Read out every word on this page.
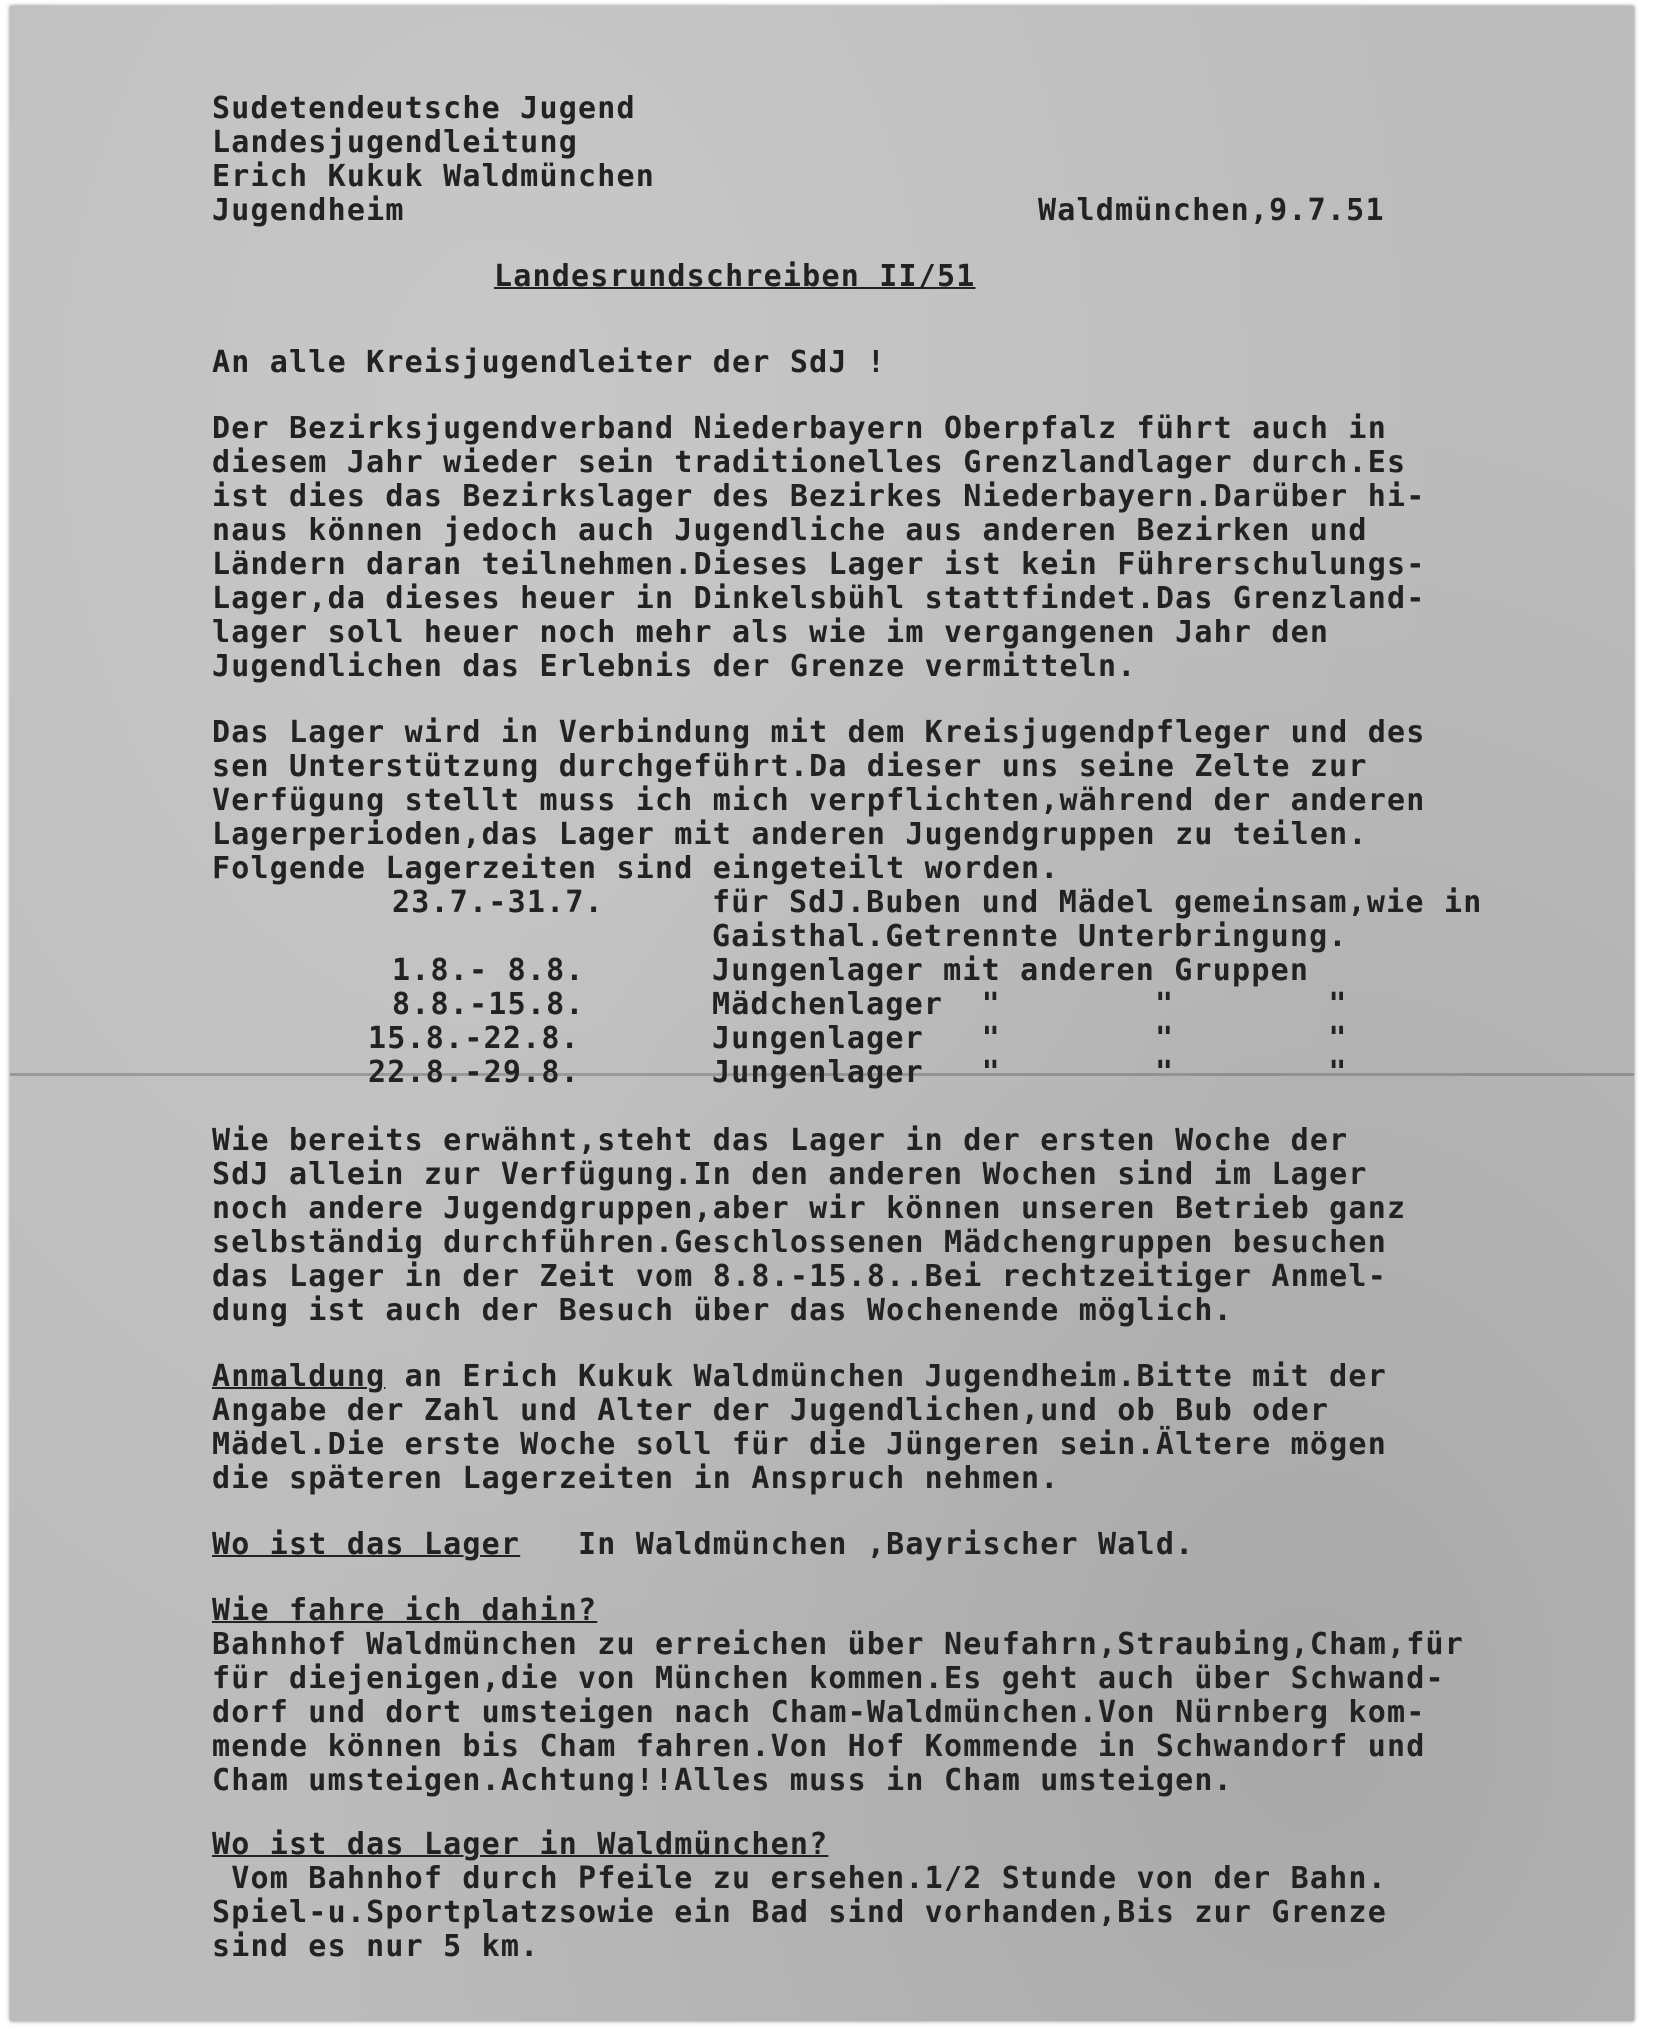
Sudetendeutsche Jugend
Landesjugendleitung
Erich Kukuk Waldmünchen
Jugendheim	Waldmünchen,9.7.51
Landesrundschreiben II/51
An alle Kreisjugendleiter der SdJ !
Der Bezirksjugendverband Niederbayern Oberpfalz führt auch in
diesem Jahr wieder sein traditionelles Grenzlandlager durch.Es
ist dies das Bezirkslager des Bezirkes Niederbayern.Darüber hi-
naus können jedoch auch Jugendliche aus anderen Bezirken und
Ländern daran teilnehmen.Dieses Lager ist kein Führerschulungs-
Lager,da dieses heuer in Dinkelsbühl stattfindet.Das Grenzland-
lager soll heuer noch mehr als wie im vergangenen Jahr den
Jugendlichen das Erlebnis der Grenze vermitteln.
Das Lager wird in Verbindung mit dem Kreisjugendpfleger und des
sen Unterstützung durchgeführt.Da dieser uns seine Zelte zur
Verfügung stellt muss ich mich verpflichten,während der anderen
Lagerperioden,das Lager mit anderen Jugendgruppen zu teilen.
Folgende Lagerzeiten sind eingeteilt worden.
23.7.-31.7.	für SdJ.Buben und Mädel gemeinsam,wie in
Gaisthal.Getrennte Unterbringung.
1.8.- 8.8.	Jungenlager mit anderen Gruppen
8.8.-15.8.	Mädchenlager  "        "        "
15.8.-22.8.	Jungenlager   "        "        "
22.8.-29.8.	Jungenlager   "        "        "
Wie bereits erwähnt,steht das Lager in der ersten Woche der
SdJ allein zur Verfügung.In den anderen Wochen sind im Lager
noch andere Jugendgruppen,aber wir können unseren Betrieb ganz
selbständig durchführen.Geschlossenen Mädchengruppen besuchen
das Lager in der Zeit vom 8.8.-15.8..Bei rechtzeitiger Anmel-
dung ist auch der Besuch über das Wochenende möglich.
Anmaldung an Erich Kukuk Waldmünchen Jugendheim.Bitte mit der
Angabe der Zahl und Alter der Jugendlichen,und ob Bub oder
Mädel.Die erste Woche soll für die Jüngeren sein.Ältere mögen
die späteren Lagerzeiten in Anspruch nehmen.
Wo ist das Lager   In Waldmünchen ,Bayrischer Wald.
Wie fahre ich dahin?
Bahnhof Waldmünchen zu erreichen über Neufahrn,Straubing,Cham,für
für diejenigen,die von München kommen.Es geht auch über Schwand-
dorf und dort umsteigen nach Cham-Waldmünchen.Von Nürnberg kom-
mende können bis Cham fahren.Von Hof Kommende in Schwandorf und
Cham umsteigen.Achtung!!Alles muss in Cham umsteigen.
Wo ist das Lager in Waldmünchen?
Vom Bahnhof durch Pfeile zu ersehen.1/2 Stunde von der Bahn.
Spiel-u.Sportplatzsowie ein Bad sind vorhanden,Bis zur Grenze
sind es nur 5 km.
